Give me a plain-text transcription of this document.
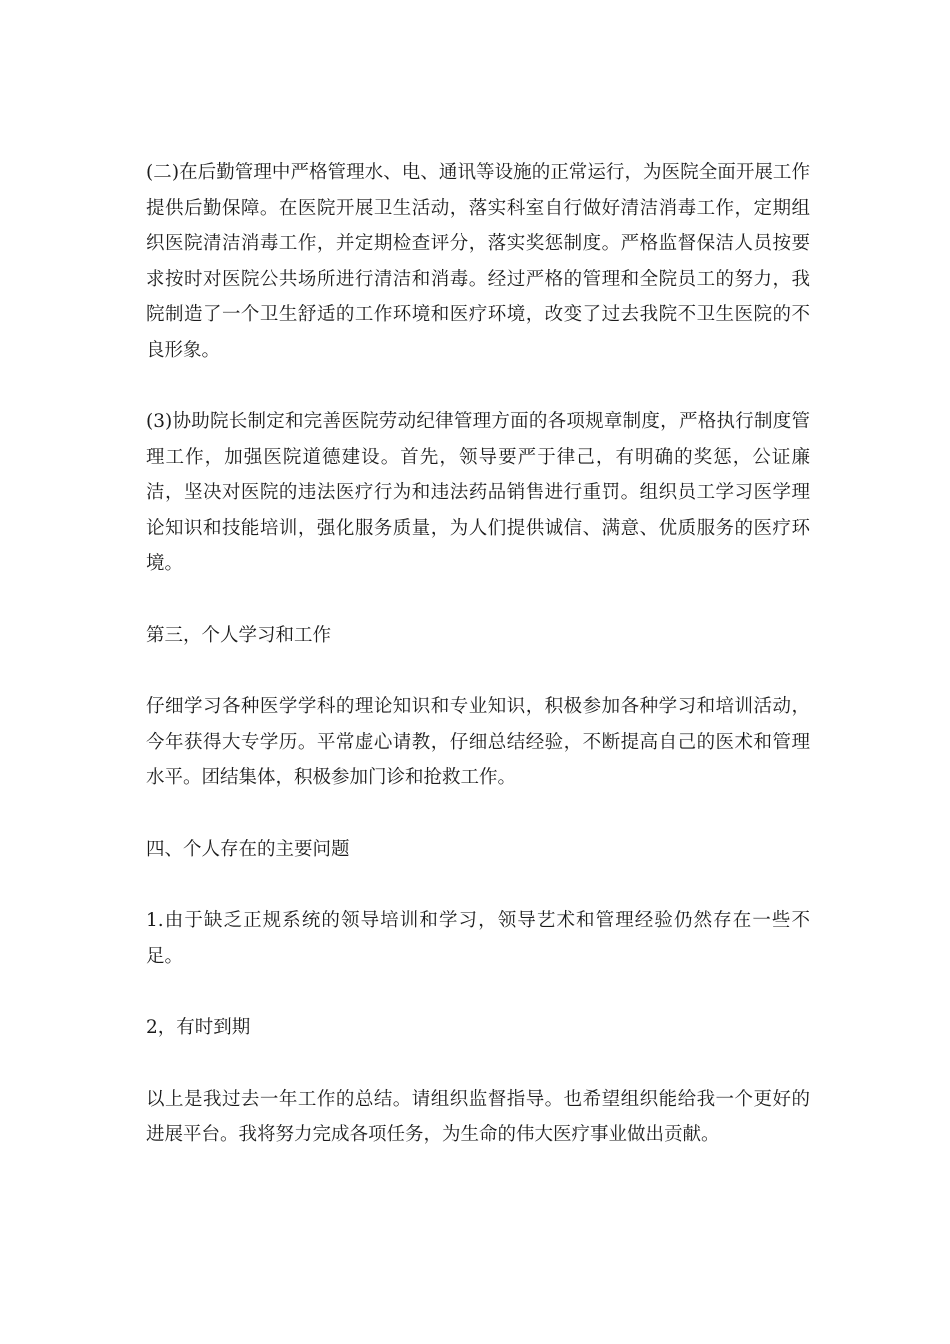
(二)在后勤管理中严格管理水、电、通讯等设施的正常运行，为医院全面开展工作提供后勤保障。在医院开展卫生活动，落实科室自行做好清洁消毒工作，定期组织医院清洁消毒工作，并定期检查评分，落实奖惩制度。严格监督保洁人员按要求按时对医院公共场所进行清洁和消毒。经过严格的管理和全院员工的努力，我院制造了一个卫生舒适的工作环境和医疗环境，改变了过去我院不卫生医院的不良形象。

(3)协助院长制定和完善医院劳动纪律管理方面的各项规章制度，严格执行制度管理工作，加强医院道德建设。首先，领导要严于律己，有明确的奖惩，公证廉洁，坚决对医院的违法医疗行为和违法药品销售进行重罚。组织员工学习医学理论知识和技能培训，强化服务质量，为人们提供诚信、满意、优质服务的医疗环境。

第三，个人学习和工作

仔细学习各种医学学科的理论知识和专业知识，积极参加各种学习和培训活动，今年获得大专学历。平常虚心请教，仔细总结经验，不断提高自己的医术和管理水平。团结集体，积极参加门诊和抢救工作。

四、个人存在的主要问题

1.由于缺乏正规系统的领导培训和学习，领导艺术和管理经验仍然存在一些不足。

2，有时到期

以上是我过去一年工作的总结。请组织监督指导。也希望组织能给我一个更好的进展平台。我将努力完成各项任务，为生命的伟大医疗事业做出贡献。
